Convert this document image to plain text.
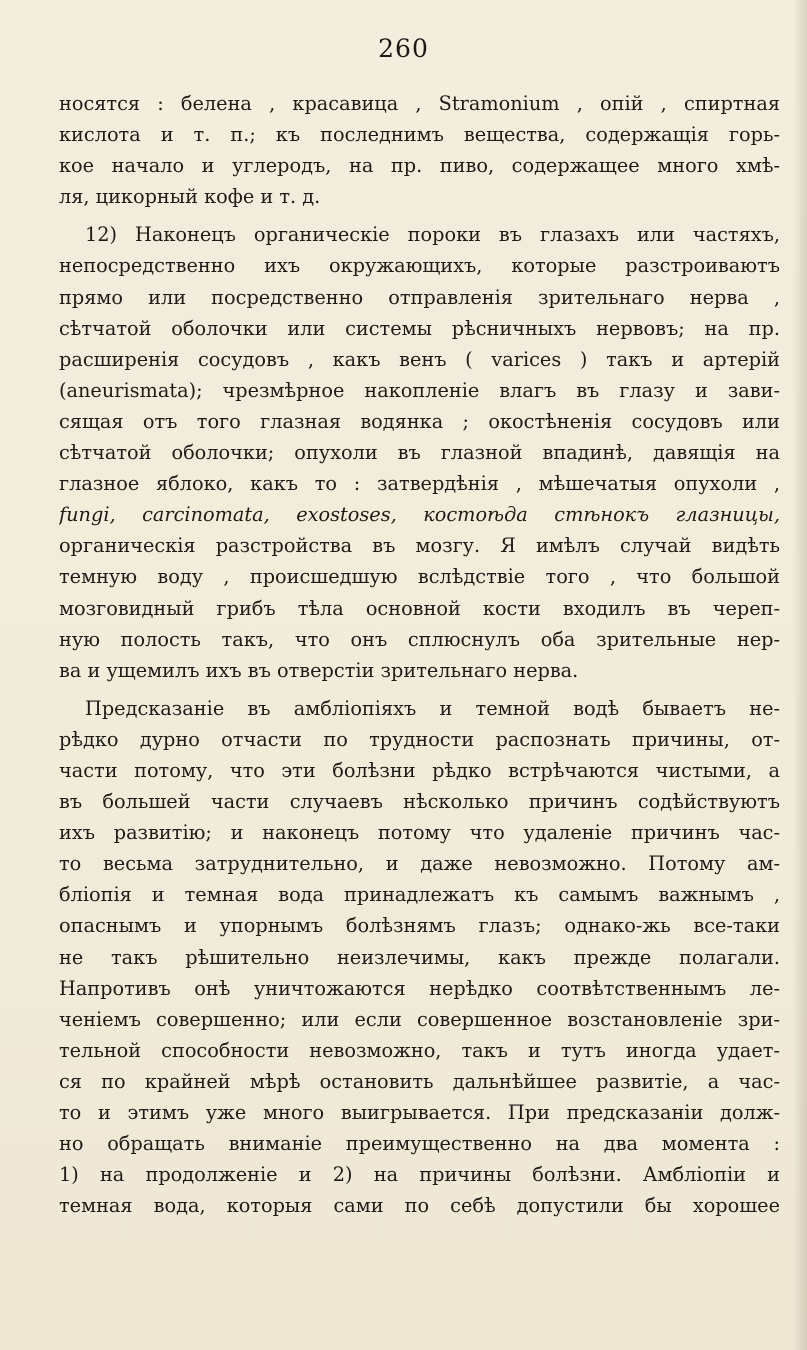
260
носятся : белена , красавица , Stramonium , опій , спиртная
кислота и т. п.; къ последнимъ вещества, содержащія горь-
кое начало и углеродъ, на пр. пиво, содержащее много хмѣ-
ля, цикорный кофе и т. д.
12) Наконецъ органическіе пороки въ глазахъ или частяхъ,
непосредственно ихъ окружающихъ, которые разстроиваютъ
прямо или посредственно отправленія зрительнаго нерва ,
сѣтчатой оболочки или системы рѣсничныхъ нервовъ; на пр.
расширенія сосудовъ , какъ венъ ( varices ) такъ и артерій
(aneurismata); чрезмѣрное накопленіе влагъ въ глазу и зави-
сящая отъ того глазная водянка ; окостѣненія сосудовъ или
сѣтчатой оболочки; опухоли въ глазной впадинѣ, давящія на
глазное яблоко, какъ то : затвердѣнія , мѣшечатыя опухоли ,
fungi, carcinomata, exostoses, костоѣда стѣнокъ глазницы,
органическія разстройства въ мозгу. Я имѣлъ случай видѣть
темную воду , происшедшую вслѣдствіе того , что большой
мозговидный грибъ тѣла основной кости входилъ въ череп-
ную полость такъ, что онъ сплюснулъ оба зрительные нер-
ва и ущемилъ ихъ въ отверстіи зрительнаго нерва.
Предсказаніе въ амбліопіяхъ и темной водѣ бываетъ не-
рѣдко дурно отчасти по трудности распознать причины, от-
части потому, что эти болѣзни рѣдко встрѣчаются чистыми, а
въ большей части случаевъ нѣсколько причинъ содѣйствуютъ
ихъ развитію; и наконецъ потому что удаленіе причинъ час-
то весьма затруднительно, и даже невозможно. Потому ам-
бліопія и темная вода принадлежатъ къ самымъ важнымъ ,
опаснымъ и упорнымъ болѣзнямъ глазъ; однако-жь все-таки
не такъ рѣшительно неизлечимы, какъ прежде полагали.
Напротивъ онѣ уничтожаются нерѣдко соотвѣтственнымъ ле-
ченіемъ совершенно; или если совершенное возстановленіе зри-
тельной способности невозможно, такъ и тутъ иногда удает-
ся по крайней мѣрѣ остановить дальнѣйшее развитіе, а час-
то и этимъ уже много выигрывается. При предсказаніи долж-
но обращать вниманіе преимущественно на два момента :
1) на продолженіе и 2) на причины болѣзни. Амбліопіи и
темная вода, которыя сами по себѣ допустили бы хорошее
